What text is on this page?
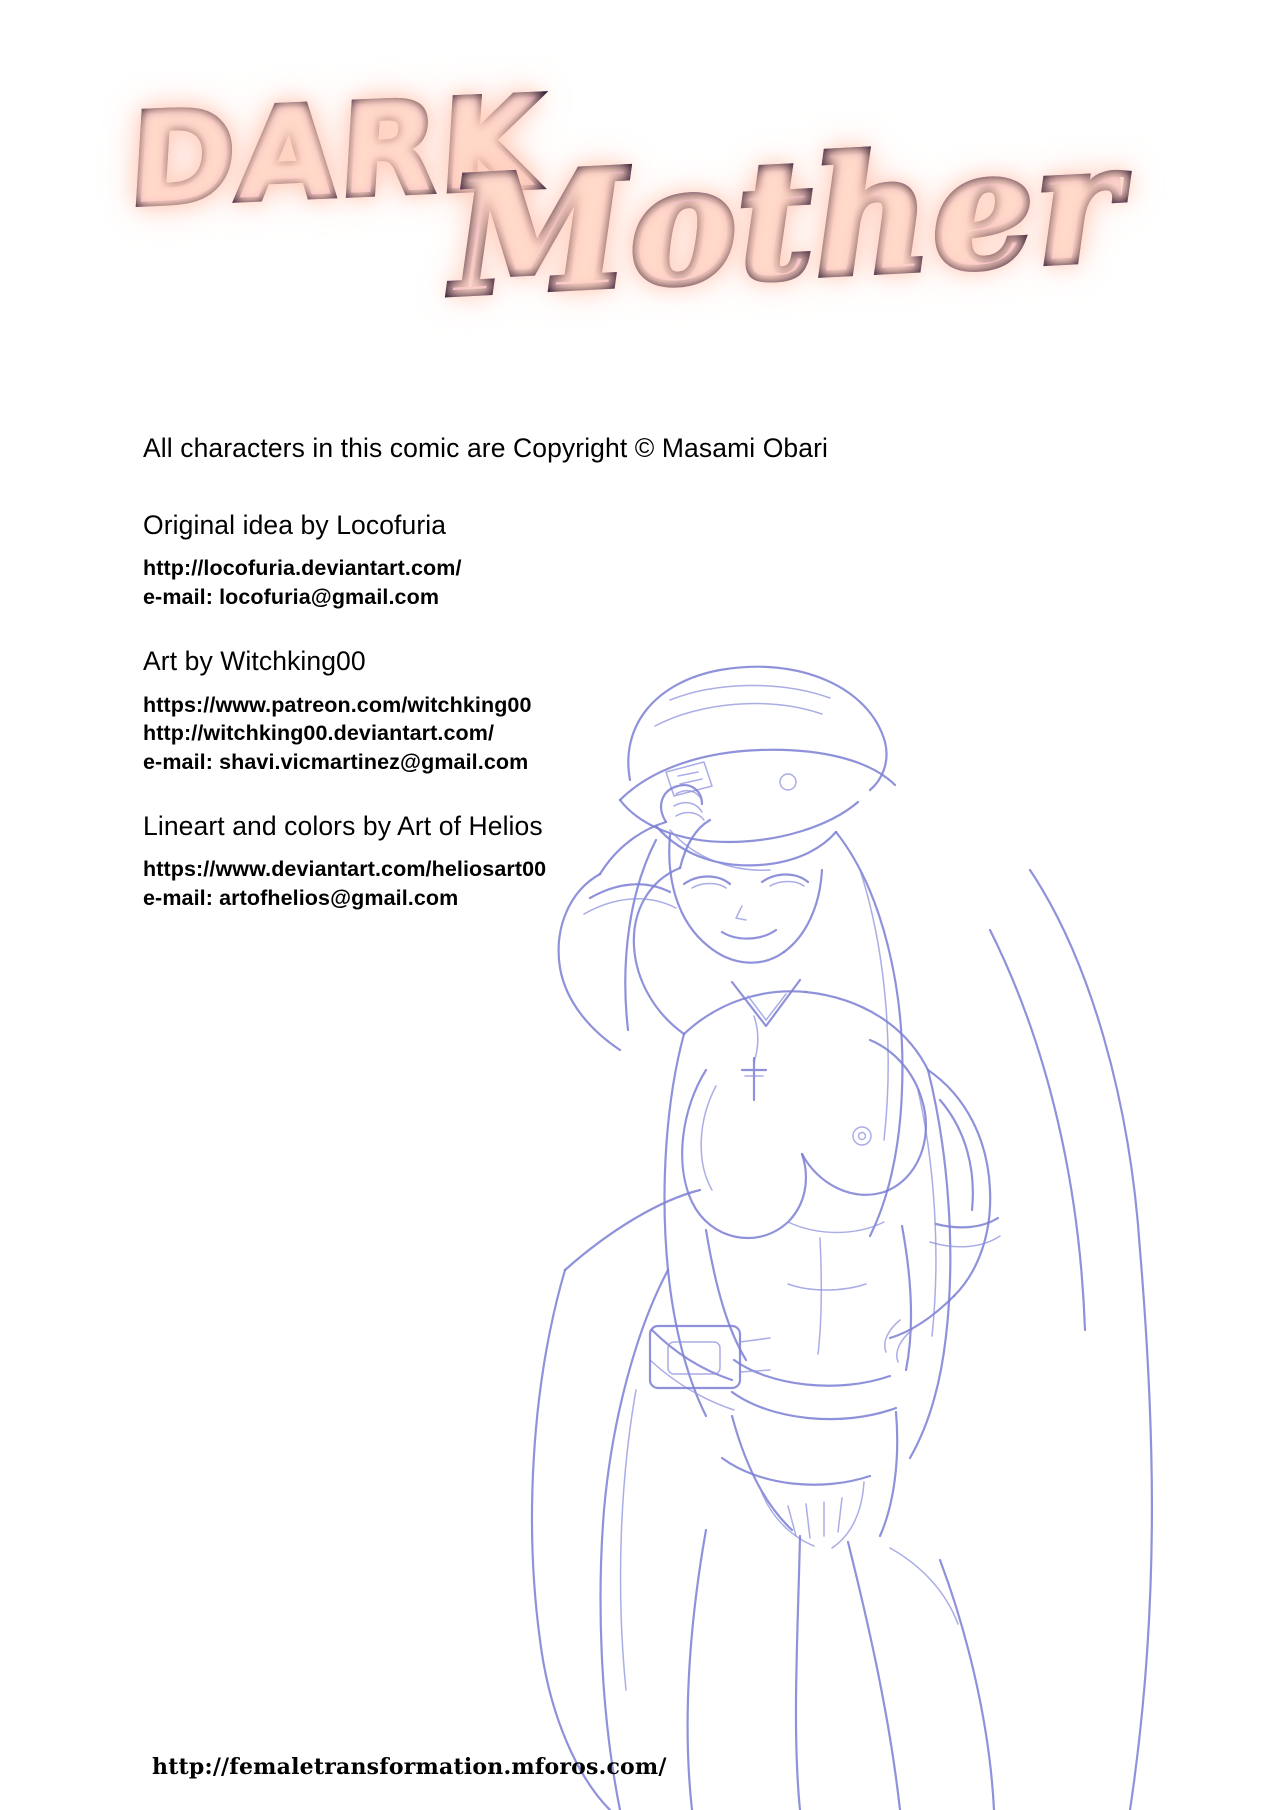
DARK
Mother

All characters in this comic are Copyright © Masami Obari

Original idea by Locofuria

http://locofuria.deviantart.com/

e-mail: locofuria@gmail.com

Art by Witchking00

https://www.patreon.com/witchking00

http://witchking00.deviantart.com/

e-mail: shavi.vicmartinez@gmail.com

Lineart and colors by Art of Helios

https://www.deviantart.com/heliosart00

e-mail: artofhelios@gmail.com

http://femaletransformation.mforos.com/
